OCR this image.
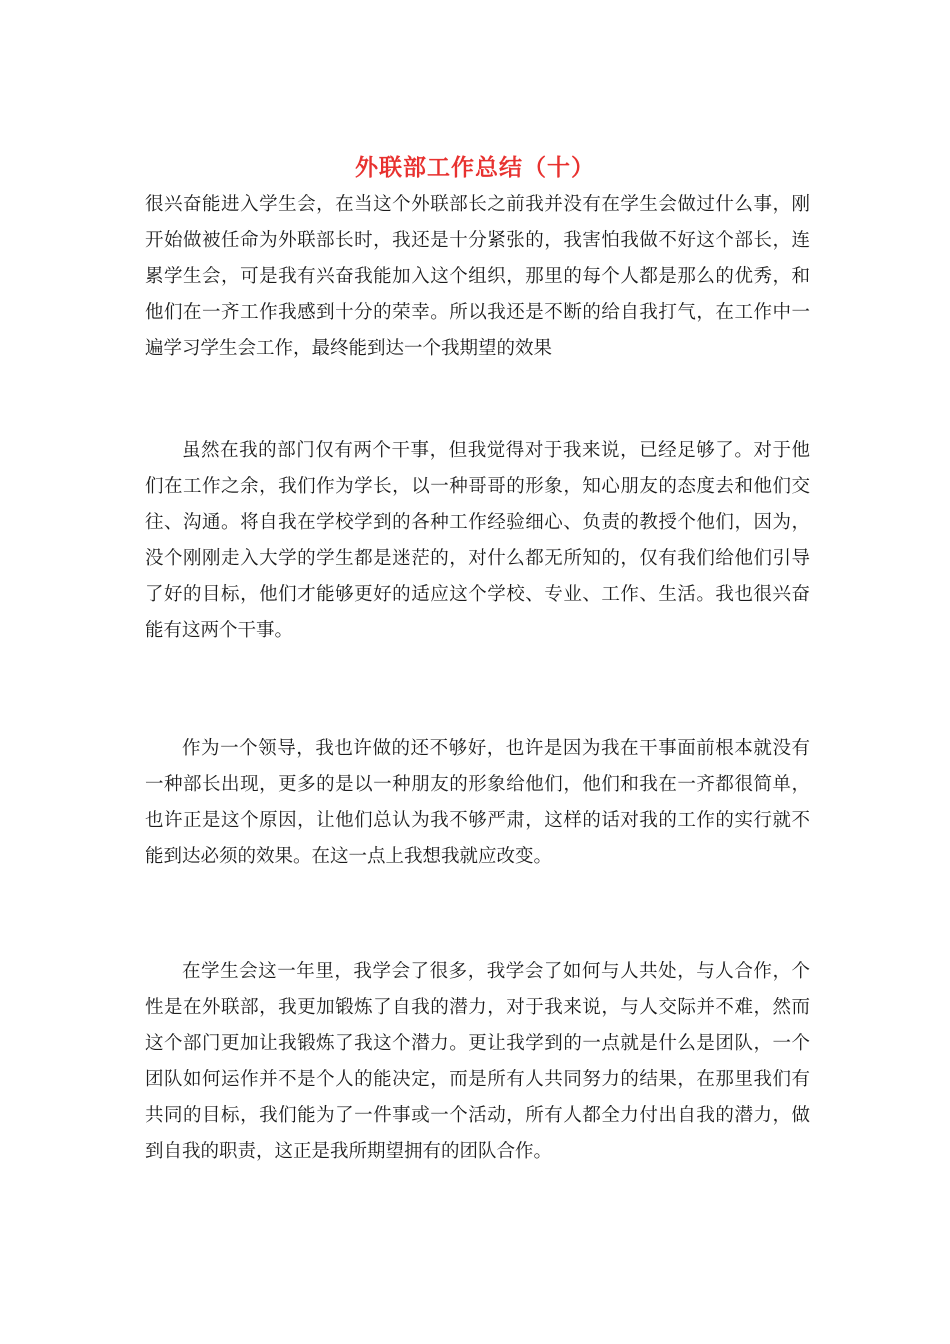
外联部工作总结（十）

很兴奋能进入学生会，在当这个外联部长之前我并没有在学生会做过什么事，刚开始做被任命为外联部长时，我还是十分紧张的，我害怕我做不好这个部长，连累学生会，可是我有兴奋我能加入这个组织，那里的每个人都是那么的优秀，和他们在一齐工作我感到十分的荣幸。所以我还是不断的给自我打气，在工作中一遍学习学生会工作，最终能到达一个我期望的效果

虽然在我的部门仅有两个干事，但我觉得对于我来说，已经足够了。对于他们在工作之余，我们作为学长，以一种哥哥的形象，知心朋友的态度去和他们交往、沟通。将自我在学校学到的各种工作经验细心、负责的教授个他们，因为，没个刚刚走入大学的学生都是迷茫的，对什么都无所知的，仅有我们给他们引导了好的目标，他们才能够更好的适应这个学校、专业、工作、生活。我也很兴奋能有这两个干事。

作为一个领导，我也许做的还不够好，也许是因为我在干事面前根本就没有一种部长出现，更多的是以一种朋友的形象给他们，他们和我在一齐都很简单，也许正是这个原因，让他们总认为我不够严肃，这样的话对我的工作的实行就不能到达必须的效果。在这一点上我想我就应改变。

在学生会这一年里，我学会了很多，我学会了如何与人共处，与人合作，个性是在外联部，我更加锻炼了自我的潜力，对于我来说，与人交际并不难，然而这个部门更加让我锻炼了我这个潜力。更让我学到的一点就是什么是团队，一个团队如何运作并不是个人的能决定，而是所有人共同努力的结果，在那里我们有共同的目标，我们能为了一件事或一个活动，所有人都全力付出自我的潜力，做到自我的职责，这正是我所期望拥有的团队合作。
